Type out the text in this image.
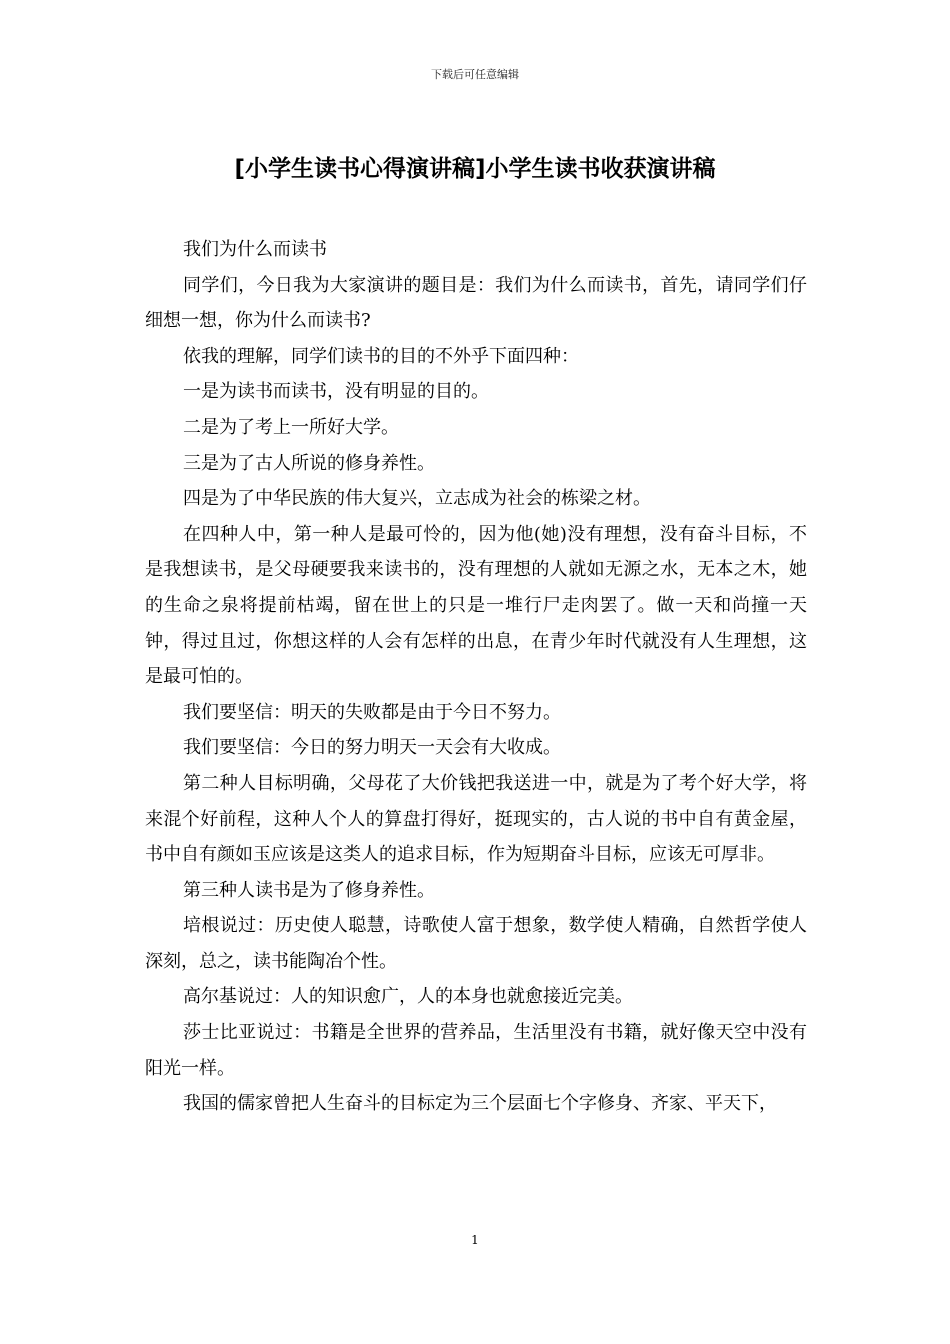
下载后可任意编辑
[小学生读书心得演讲稿]小学生读书收获演讲稿

我们为什么而读书

同学们，今日我为大家演讲的题目是：我们为什么而读书，首先，请同学们仔细想一想，你为什么而读书?

依我的理解，同学们读书的目的不外乎下面四种：

一是为读书而读书，没有明显的目的。

二是为了考上一所好大学。

三是为了古人所说的修身养性。

四是为了中华民族的伟大复兴，立志成为社会的栋梁之材。

在四种人中，第一种人是最可怜的，因为他(她)没有理想，没有奋斗目标，不是我想读书，是父母硬要我来读书的，没有理想的人就如无源之水，无本之木，她的生命之泉将提前枯竭，留在世上的只是一堆行尸走肉罢了。做一天和尚撞一天钟，得过且过，你想这样的人会有怎样的出息，在青少年时代就没有人生理想，这是最可怕的。

我们要坚信：明天的失败都是由于今日不努力。

我们要坚信：今日的努力明天一天会有大收成。

第二种人目标明确，父母花了大价钱把我送进一中，就是为了考个好大学，将来混个好前程，这种人个人的算盘打得好，挺现实的，古人说的书中自有黄金屋，书中自有颜如玉应该是这类人的追求目标，作为短期奋斗目标，应该无可厚非。

第三种人读书是为了修身养性。

培根说过：历史使人聪慧，诗歌使人富于想象，数学使人精确，自然哲学使人深刻，总之，读书能陶冶个性。

高尔基说过：人的知识愈广，人的本身也就愈接近完美。

莎士比亚说过：书籍是全世界的营养品，生活里没有书籍，就好像天空中没有阳光一样。

我国的儒家曾把人生奋斗的目标定为三个层面七个字修身、齐家、平天下，

1
